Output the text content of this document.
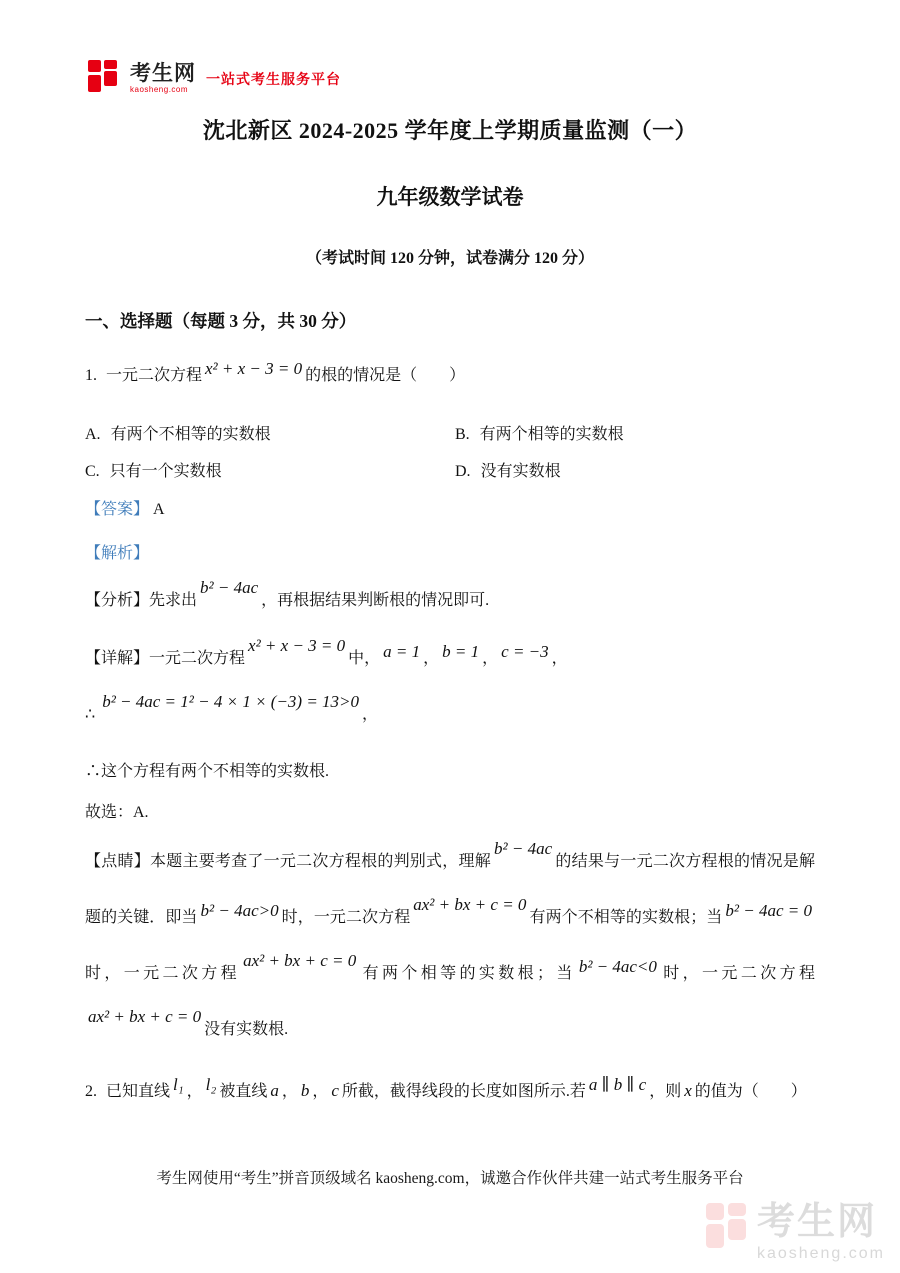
考生网
kaosheng.com
一站式考生服务平台
沈北新区 2024-2025 学年度上学期质量监测（一）
九年级数学试卷
（考试时间 120 分钟，试卷满分 120 分）
一、选择题（每题 3 分，共 30 分）

1. 一元二次方程 x² + x − 3 = 0 的根的情况是（　　）

A. 有两个不相等的实数根	B. 有两个相等的实数根
C. 只有一个实数根	D. 没有实数根

【答案】 A

【解析】

【分析】先求出b² − 4ac，再根据结果判断根的情况即可.

【详解】一元二次方程x² + x − 3 = 0中， a = 1 ， b = 1 ， c = −3 ，

∴b² − 4ac = 1² − 4 × 1 × (−3) = 13>0，

∴这个方程有两个不相等的实数根.

故选：A.

【点睛】本题主要考查了一元二次方程根的判别式，理解b² − 4ac的结果与一元二次方程根的情况是解题的关键．即当 b² − 4ac>0 时，一元二次方程ax² + bx + c = 0有两个不相等的实数根；当 b² − 4ac = 0时，一元二次方程ax² + bx + c = 0有两个相等的实数根；当 b² − 4ac<0 时，一元二次方程ax² + bx + c = 0没有实数根.

2. 已知直线 l₁ ， l₂ 被直线 a ， b ， c 所截，截得线段的长度如图所示.若 a ∥ b ∥ c ，则 x 的值为（　　）

考生网使用“考生”拼音顶级域名 kaosheng.com，诚邀合作伙伴共建一站式考生服务平台
考生网
kaosheng.com
